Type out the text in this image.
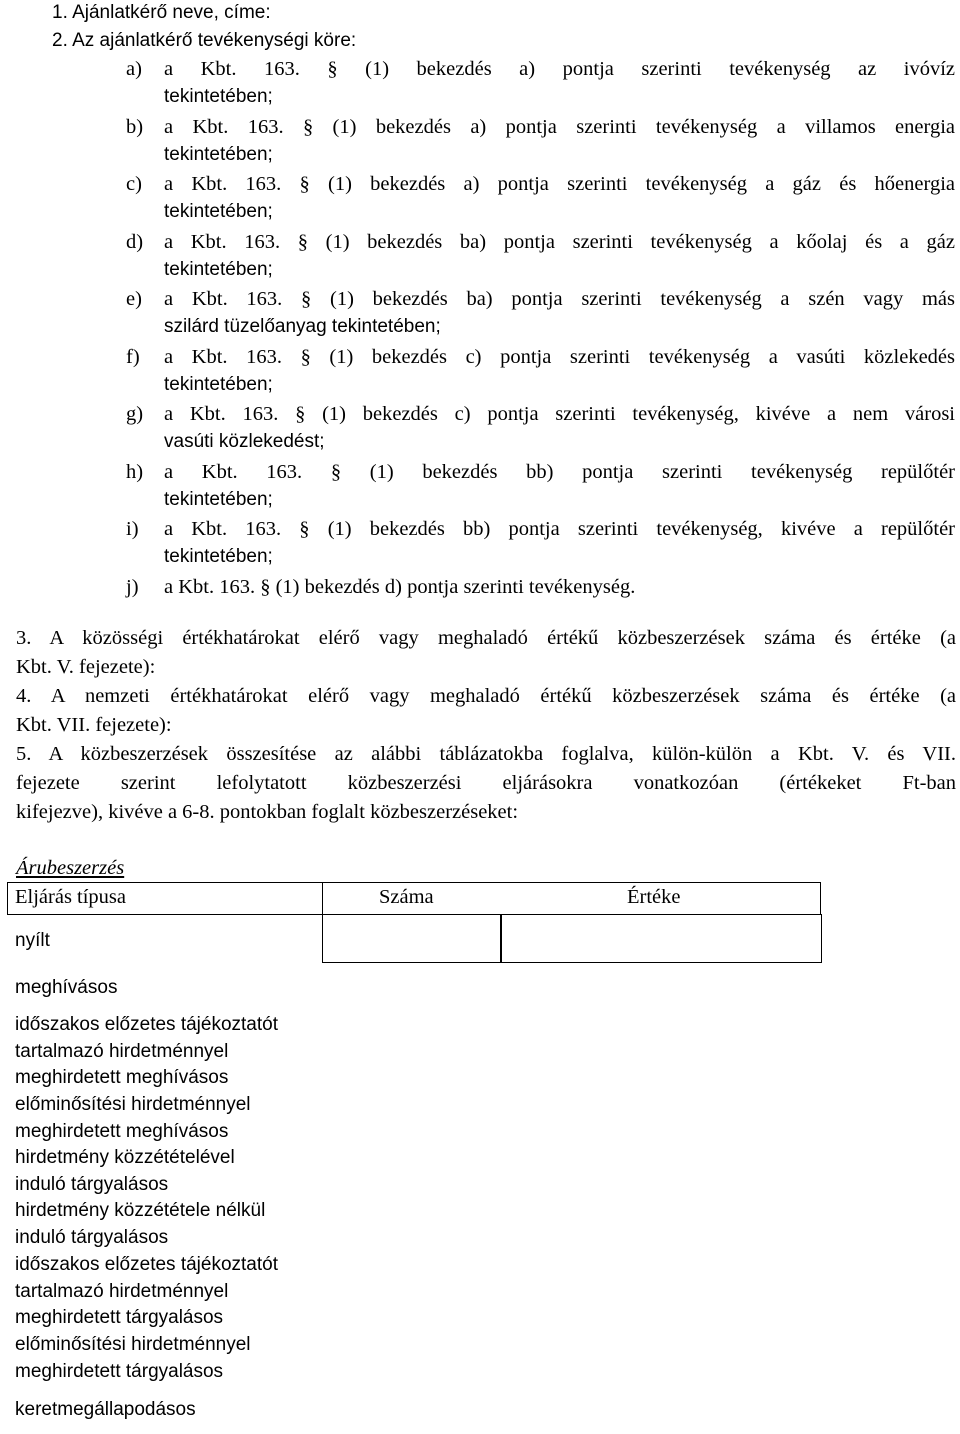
1. Ajánlatkérő neve, címe:
2. Az ajánlatkérő tevékenységi köre:
a) a Kbt. 163. § (1) bekezdés a) pontja szerinti tevékenység az ivóvíz
tekintetében;
b) a Kbt. 163. § (1) bekezdés a) pontja szerinti tevékenység a villamos energia
tekintetében;
c) a Kbt. 163. § (1) bekezdés a) pontja szerinti tevékenység a gáz és hőenergia
tekintetében;
d) a Kbt. 163. § (1) bekezdés ba) pontja szerinti tevékenység a kőolaj és a gáz
tekintetében;
e) a Kbt. 163. § (1) bekezdés ba) pontja szerinti tevékenység a szén vagy más
szilárd tüzelőanyag tekintetében;
f) a Kbt. 163. § (1) bekezdés c) pontja szerinti tevékenység a vasúti közlekedés
tekintetében;
g) a Kbt. 163. § (1) bekezdés c) pontja szerinti tevékenység, kivéve a nem városi
vasúti közlekedést;
h) a Kbt. 163. § (1) bekezdés bb) pontja szerinti tevékenység repülőtér
tekintetében;
i) a Kbt. 163. § (1) bekezdés bb) pontja szerinti tevékenység, kivéve a repülőtér
tekintetében;
j) a Kbt. 163. § (1) bekezdés d) pontja szerinti tevékenység.
3. A közösségi értékhatárokat elérő vagy meghaladó értékű közbeszerzések száma és értéke (a
Kbt. V. fejezete):
4. A nemzeti értékhatárokat elérő vagy meghaladó értékű közbeszerzések száma és értéke (a
Kbt. VII. fejezete):
5. A közbeszerzések összesítése az alábbi táblázatokba foglalva, külön-külön a Kbt. V. és VII.
fejezete szerint lefolytatott közbeszerzési eljárásokra vonatkozóan (értékeket Ft-ban
kifejezve), kivéve a 6-8. pontokban foglalt közbeszerzéseket:
Árubeszerzés
Eljárás típusa	Száma	Értéke
nyílt
meghívásos
időszakos előzetes tájékoztatót
tartalmazó hirdetménnyel
meghirdetett meghívásos
előminősítési hirdetménnyel
meghirdetett meghívásos
hirdetmény közzétételével
induló tárgyalásos
hirdetmény közzététele nélkül
induló tárgyalásos
időszakos előzetes tájékoztatót
tartalmazó hirdetménnyel
meghirdetett tárgyalásos
előminősítési hirdetménnyel
meghirdetett tárgyalásos
keretmegállapodásos
